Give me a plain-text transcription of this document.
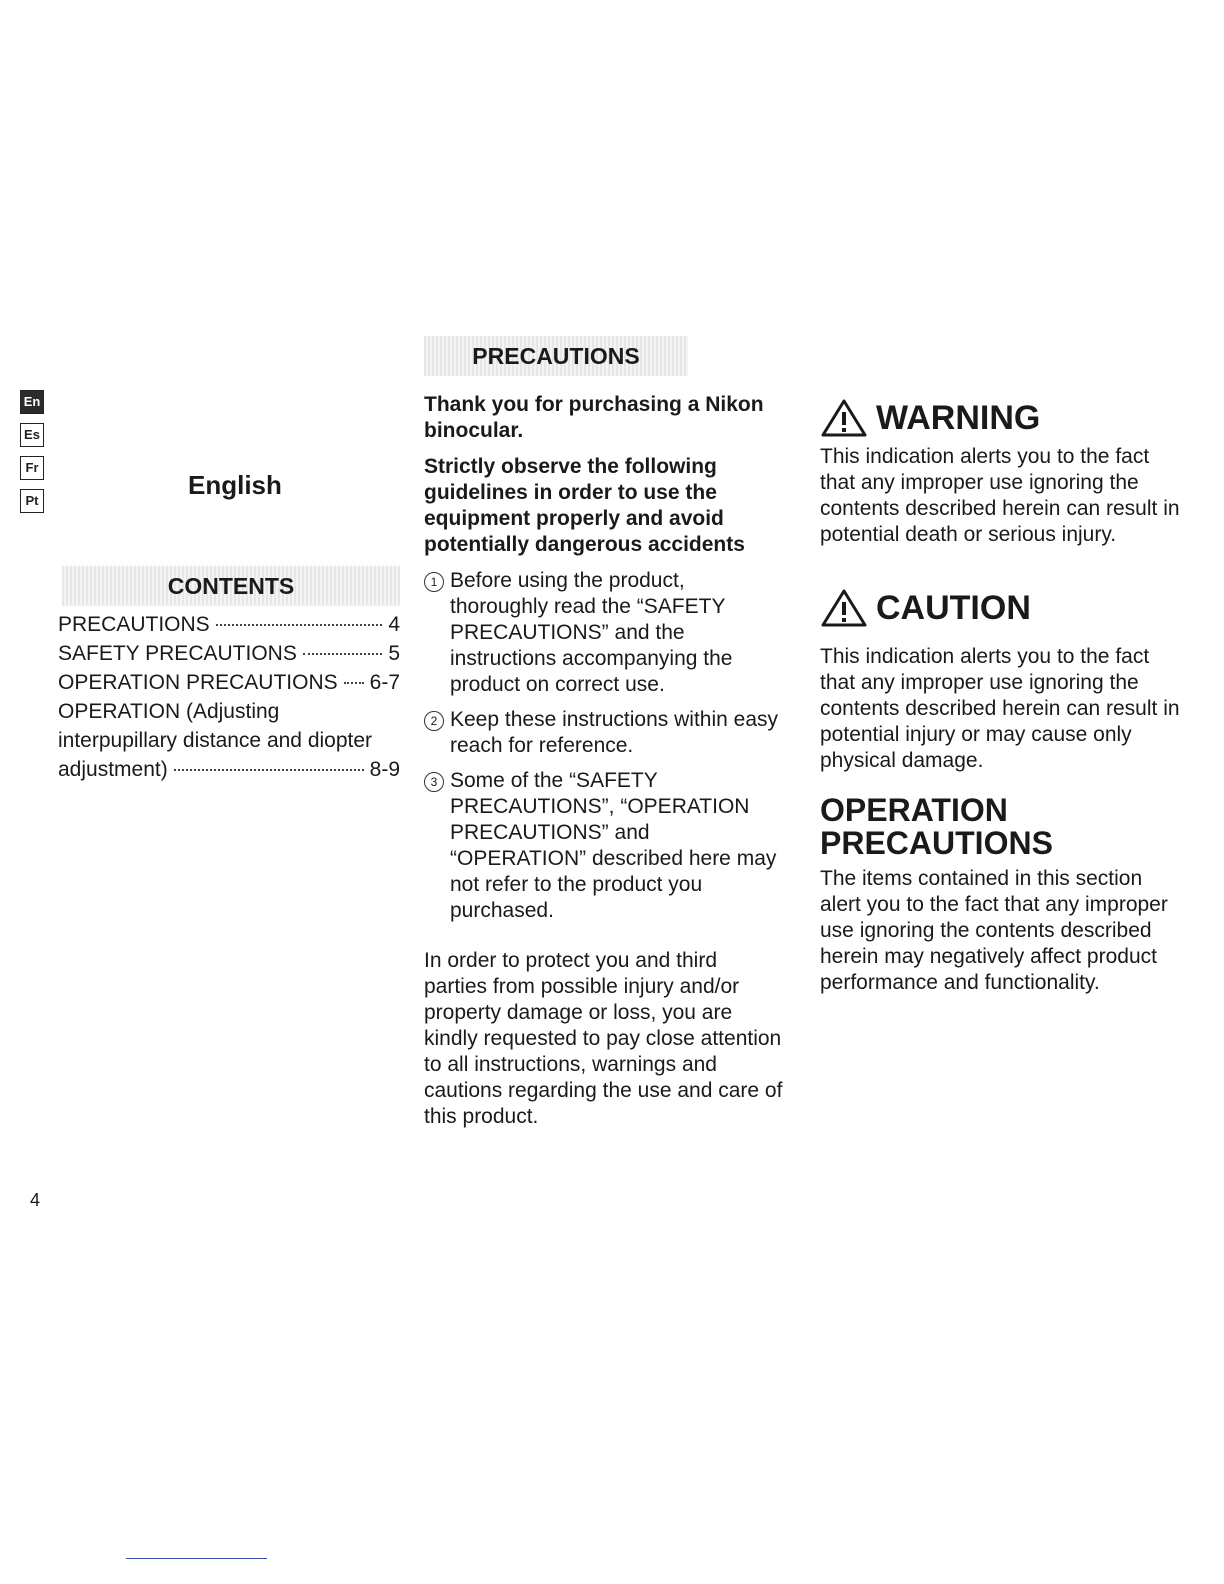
En
Es
Fr
Pt
English
CONTENTS
PRECAUTIONS	4
SAFETY PRECAUTIONS	5
OPERATION PRECAUTIONS 6-7
OPERATION (Adjusting
interpupillary distance and diopter
adjustment)	8-9
PRECAUTIONS

Thank you for purchasing a Nikon binocular.

Strictly observe the following guidelines in order to use the equipment properly and avoid potentially dangerous accidents

1 Before using the product, thoroughly read the “SAFETY PRECAUTIONS” and the instructions accompanying the product on correct use.
2 Keep these instructions within easy reach for reference.
3 Some of the “SAFETY PRECAUTIONS”, “OPERATION PRECAUTIONS” and “OPERATION” described here may not refer to the product you purchased.

In order to protect you and third parties from possible injury and/or property damage or loss, you are kindly requested to pay close attention to all instructions, warnings and cautions regarding the use and care of this product.

WARNING
This indication alerts you to the fact that any improper use ignoring the contents described herein can result in potential death or serious injury.
CAUTION
This indication alerts you to the fact that any improper use ignoring the contents described herein can result in potential injury or may cause only physical damage.
OPERATION
PRECAUTIONS
The items contained in this section alert you to the fact that any improper use ignoring the contents described herein may negatively affect product performance and functionality.
4
